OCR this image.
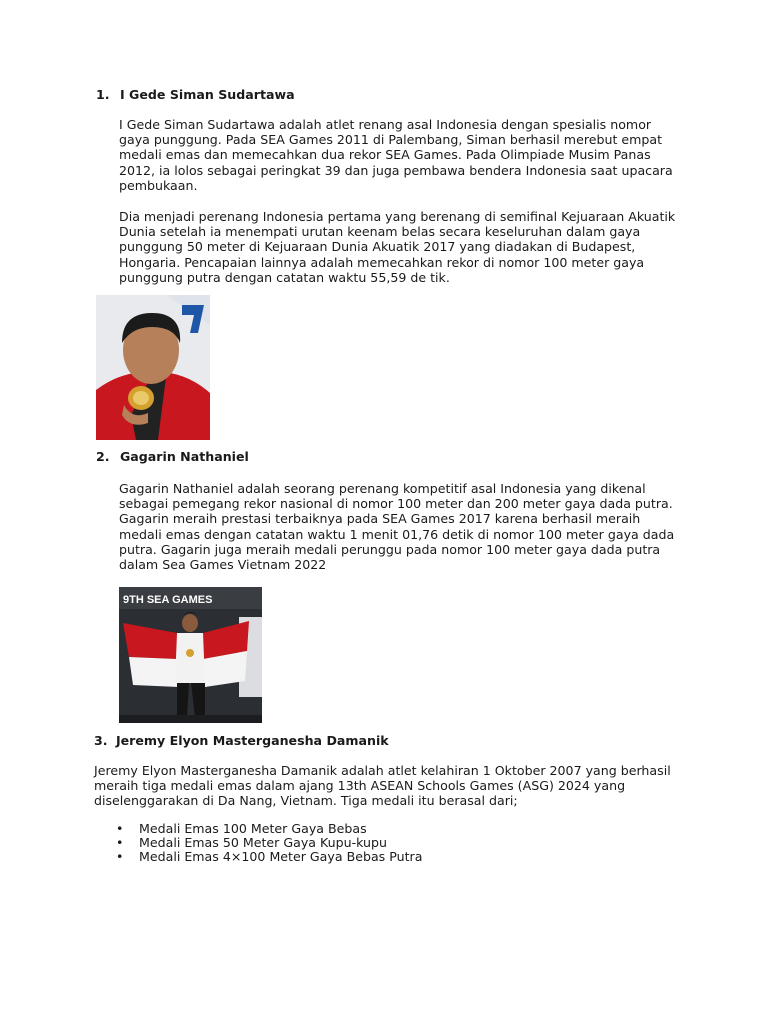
1. I Gede Siman Sudartawa

I Gede Siman Sudartawa adalah atlet renang asal Indonesia dengan spesialis nomor gaya punggung. Pada SEA Games 2011 di Palembang, Siman berhasil merebut empat medali emas dan memecahkan dua rekor SEA Games. Pada Olimpiade Musim Panas 2012, ia lolos sebagai peringkat 39 dan juga pembawa bendera Indonesia saat upacara pembukaan.

Dia menjadi perenang Indonesia pertama yang berenang di semifinal Kejuaraan Akuatik Dunia setelah ia menempati urutan keenam belas secara keseluruhan dalam gaya punggung 50 meter di Kejuaraan Dunia Akuatik 2017 yang diadakan di Budapest, Hongaria. Pencapaian lainnya adalah memecahkan rekor di nomor 100 meter gaya punggung putra dengan catatan waktu 55,59 de tik.

2. Gagarin Nathaniel

Gagarin Nathaniel adalah seorang perenang kompetitif asal Indonesia yang dikenal sebagai pemegang rekor nasional di nomor 100 meter dan 200 meter gaya dada putra. Gagarin meraih prestasi terbaiknya pada SEA Games 2017 karena berhasil meraih medali emas dengan catatan waktu 1 menit 01,76 detik di nomor 100 meter gaya dada putra. Gagarin juga meraih medali perunggu pada nomor 100 meter gaya dada putra dalam Sea Games Vietnam 2022

9TH SEA GAMES
3. Jeremy Elyon Masterganesha Damanik

Jeremy Elyon Masterganesha Damanik adalah atlet kelahiran 1 Oktober 2007 yang berhasil meraih tiga medali emas dalam ajang 13th ASEAN Schools Games (ASG) 2024 yang diselenggarakan di Da Nang, Vietnam. Tiga medali itu berasal dari;

• Medali Emas 100 Meter Gaya Bebas
• Medali Emas 50 Meter Gaya Kupu-kupu
• Medali Emas 4×100 Meter Gaya Bebas Putra
